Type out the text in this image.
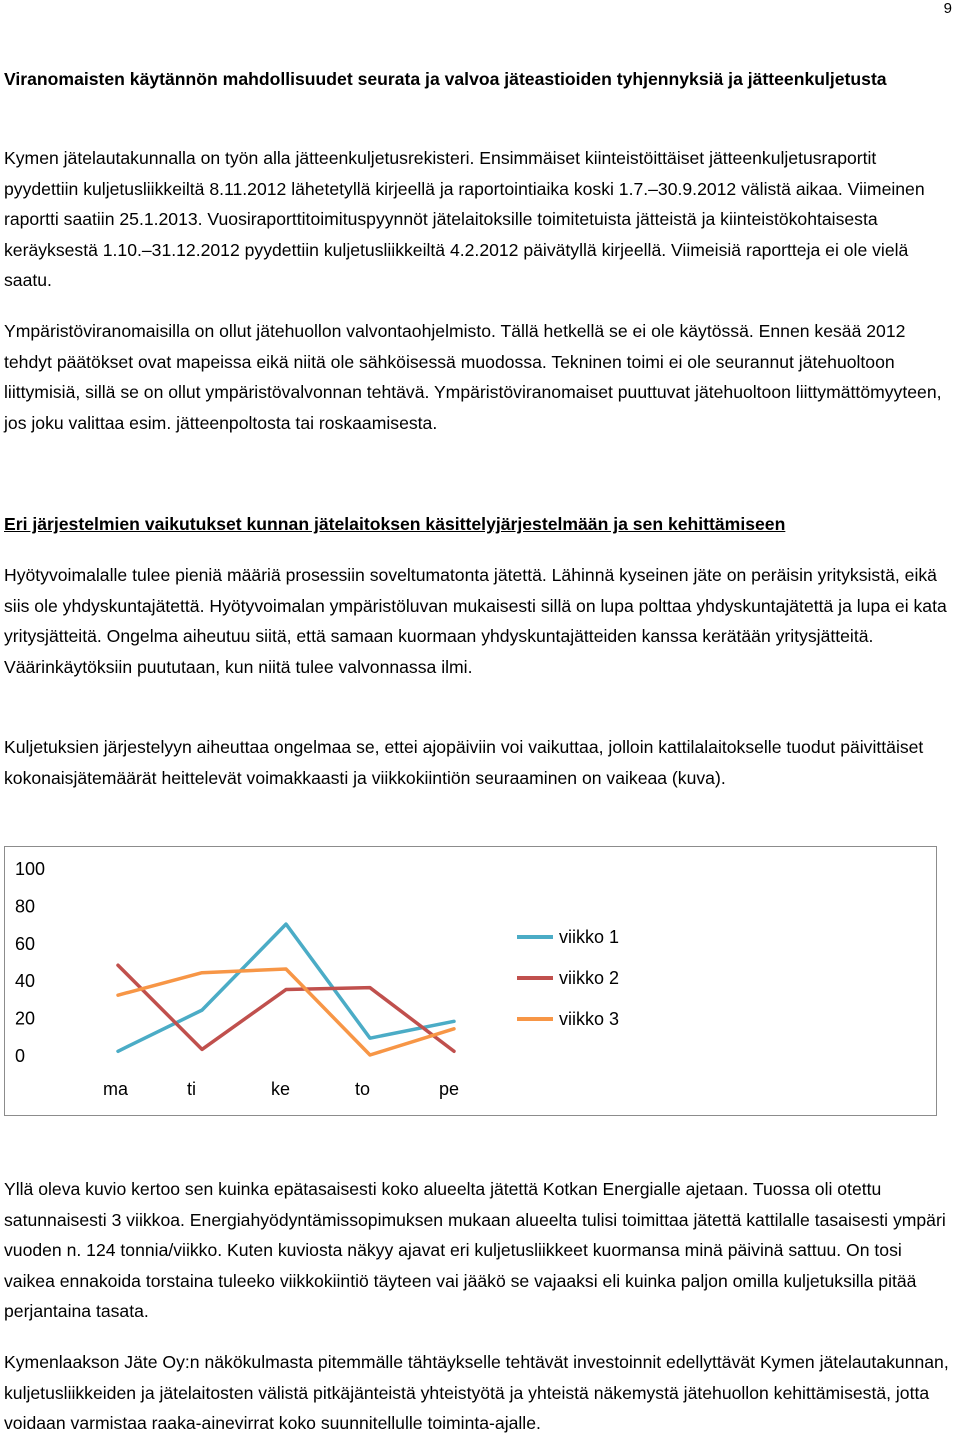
9
Viranomaisten käytännön mahdollisuudet seurata ja valvoa jäteastioiden tyhjennyksiä ja jätteenkuljetusta
Kymen jätelautakunnalla on työn alla jätteenkuljetusrekisteri. Ensimmäiset kiinteistöittäiset jätteenkuljetusraportit pyydettiin kuljetusliikkeiltä 8.11.2012 lähetetyllä kirjeellä ja raportointiaika koski 1.7.–30.9.2012 välistä aikaa. Viimeinen raportti saatiin 25.1.2013. Vuosiraporttitoimituspyynnöt jätelaitoksille toimitetuista jätteistä ja kiinteistökohtaisesta keräyksestä 1.10.–31.12.2012 pyydettiin kuljetusliikkeiltä 4.2.2012 päivätyllä kirjeellä. Viimeisiä raportteja ei ole vielä saatu.
Ympäristöviranomaisilla on ollut jätehuollon valvontaohjelmisto. Tällä hetkellä se ei ole käytössä. Ennen kesää 2012 tehdyt päätökset ovat mapeissa eikä niitä ole sähköisessä muodossa. Tekninen toimi ei ole seurannut jätehuoltoon liittymisiä, sillä se on ollut ympäristövalvonnan tehtävä. Ympäristöviranomaiset puuttuvat jätehuoltoon liittymättömyyteen, jos joku valittaa esim. jätteenpoltosta tai roskaamisesta.
Eri järjestelmien vaikutukset kunnan jätelaitoksen käsittelyjärjestelmään ja sen kehittämiseen
Hyötyvoimalalle tulee pieniä määriä prosessiin soveltumatonta jätettä. Lähinnä kyseinen jäte on peräisin yrityksistä, eikä siis ole yhdyskuntajätettä. Hyötyvoimalan ympäristöluvan mukaisesti sillä on lupa polttaa yhdyskuntajätettä ja lupa ei kata yritysjätteitä. Ongelma aiheutuu siitä, että samaan kuormaan yhdyskuntajätteiden kanssa kerätään yritysjätteitä. Väärinkäytöksiin puututaan, kun niitä tulee valvonnassa ilmi.
Kuljetuksien järjestelyyn aiheuttaa ongelmaa se, ettei ajopäiviin voi vaikuttaa, jolloin kattilalaitokselle tuodut päivittäiset kokonaisjätemäärät heittelevät voimakkaasti ja viikkokiintiön seuraaminen on vaikeaa (kuva).
100
80
60
40
20
0
ma	ti	ke	to	pe
viikko 1
viikko 2
viikko 3
Yllä oleva kuvio kertoo sen kuinka epätasaisesti koko alueelta jätettä Kotkan Energialle ajetaan. Tuossa oli otettu satunnaisesti 3 viikkoa. Energiahyödyntämissopimuksen mukaan alueelta tulisi toimittaa jätettä kattilalle tasaisesti ympäri vuoden n. 124 tonnia/viikko. Kuten kuviosta näkyy ajavat eri kuljetusliikkeet kuormansa minä päivinä sattuu. On tosi vaikea ennakoida torstaina tuleeko viikkokiintiö täyteen vai jääkö se vajaaksi eli kuinka paljon omilla kuljetuksilla pitää perjantaina tasata.
Kymenlaakson Jäte Oy:n näkökulmasta pitemmälle tähtäykselle tehtävät investoinnit edellyttävät Kymen jätelautakunnan, kuljetusliikkeiden ja jätelaitosten välistä pitkäjänteistä yhteistyötä ja yhteistä näkemystä jätehuollon kehittämisestä, jotta voidaan varmistaa raaka-ainevirrat koko suunnitellulle toiminta-ajalle.
